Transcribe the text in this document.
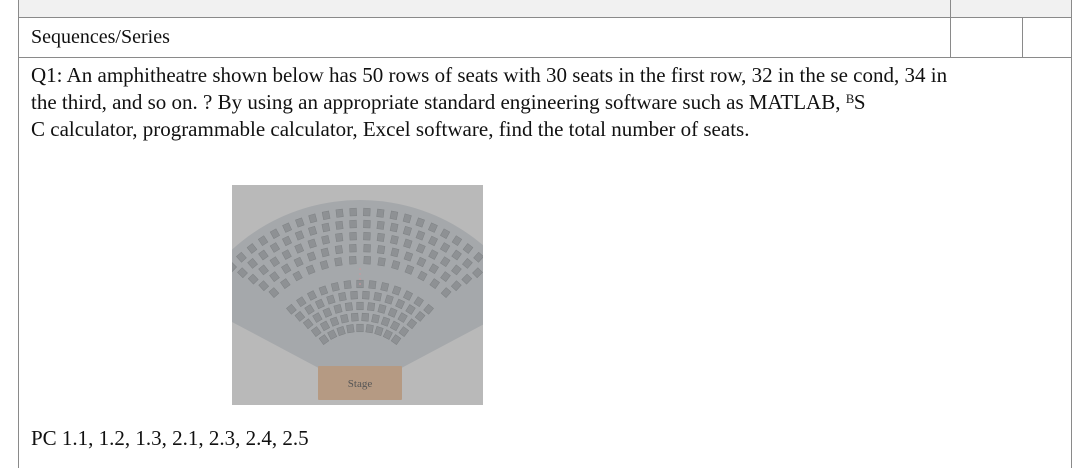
Sequences/Series
Q1: An amphitheatre shown below has 50 rows of seats with 30 seats in the first row, 32 in the se cond, 34 in
the third, and so on. ? By using an appropriate standard engineering software such as MATLAB, ᴮS
C calculator, programmable calculator, Excel software, find the total number of seats.
Stage
PC 1.1, 1.2, 1.3, 2.1, 2.3, 2.4, 2.5
